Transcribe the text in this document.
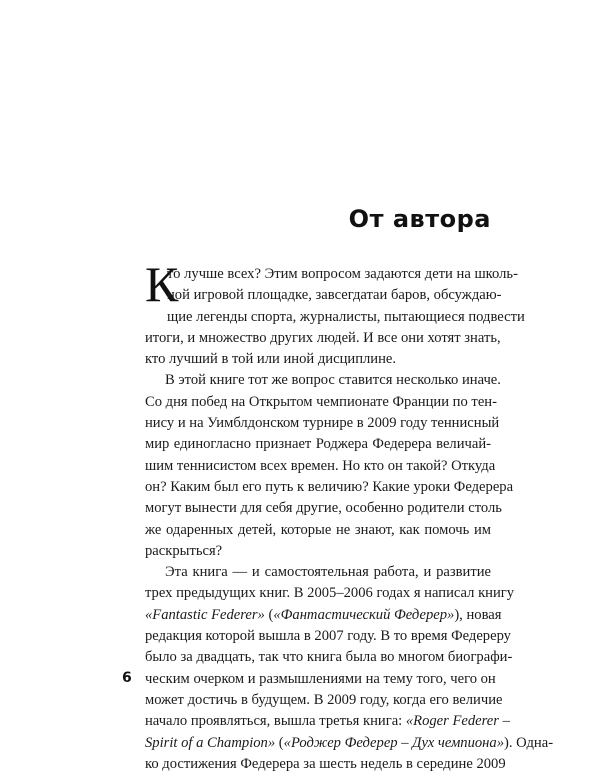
От автора
К
то лучше всех? Этим вопросом задаются дети на школь-
ной игровой площадке, завсегдатаи баров, обсуждаю-
щие легенды спорта, журналисты, пытающиеся подвести
итоги, и множество других людей. И все они хотят знать,
кто лучший в той или иной дисциплине.
В этой книге тот же вопрос ставится несколько иначе.
Со дня побед на Открытом чемпионате Франции по тен-
нису и на Уимблдонском турнире в 2009 году теннисный
мир единогласно признает Роджера Федерера величай-
шим теннисистом всех времен. Но кто он такой? Откуда
он? Каким был его путь к величию? Какие уроки Федерера
могут вынести для себя другие, особенно родители столь
же одаренных детей, которые не знают, как помочь им
раскрыться?
Эта книга — и самостоятельная работа, и развитие
трех предыдущих книг. В 2005–2006 годах я написал книгу
«Fantastic Federer» («Фантастический Федерер»), новая
редакция которой вышла в 2007 году. В то время Федереру
было за двадцать, так что книга была во многом биографи-
ческим очерком и размышлениями на тему того, чего он
может достичь в будущем. В 2009 году, когда его величие
начало проявляться, вышла третья книга: «Roger Federer –
Spirit of a Champion» («Роджер Федерер – Дух чемпиона»). Одна-
ко достижения Федерера за шесть недель в середине 2009
6
